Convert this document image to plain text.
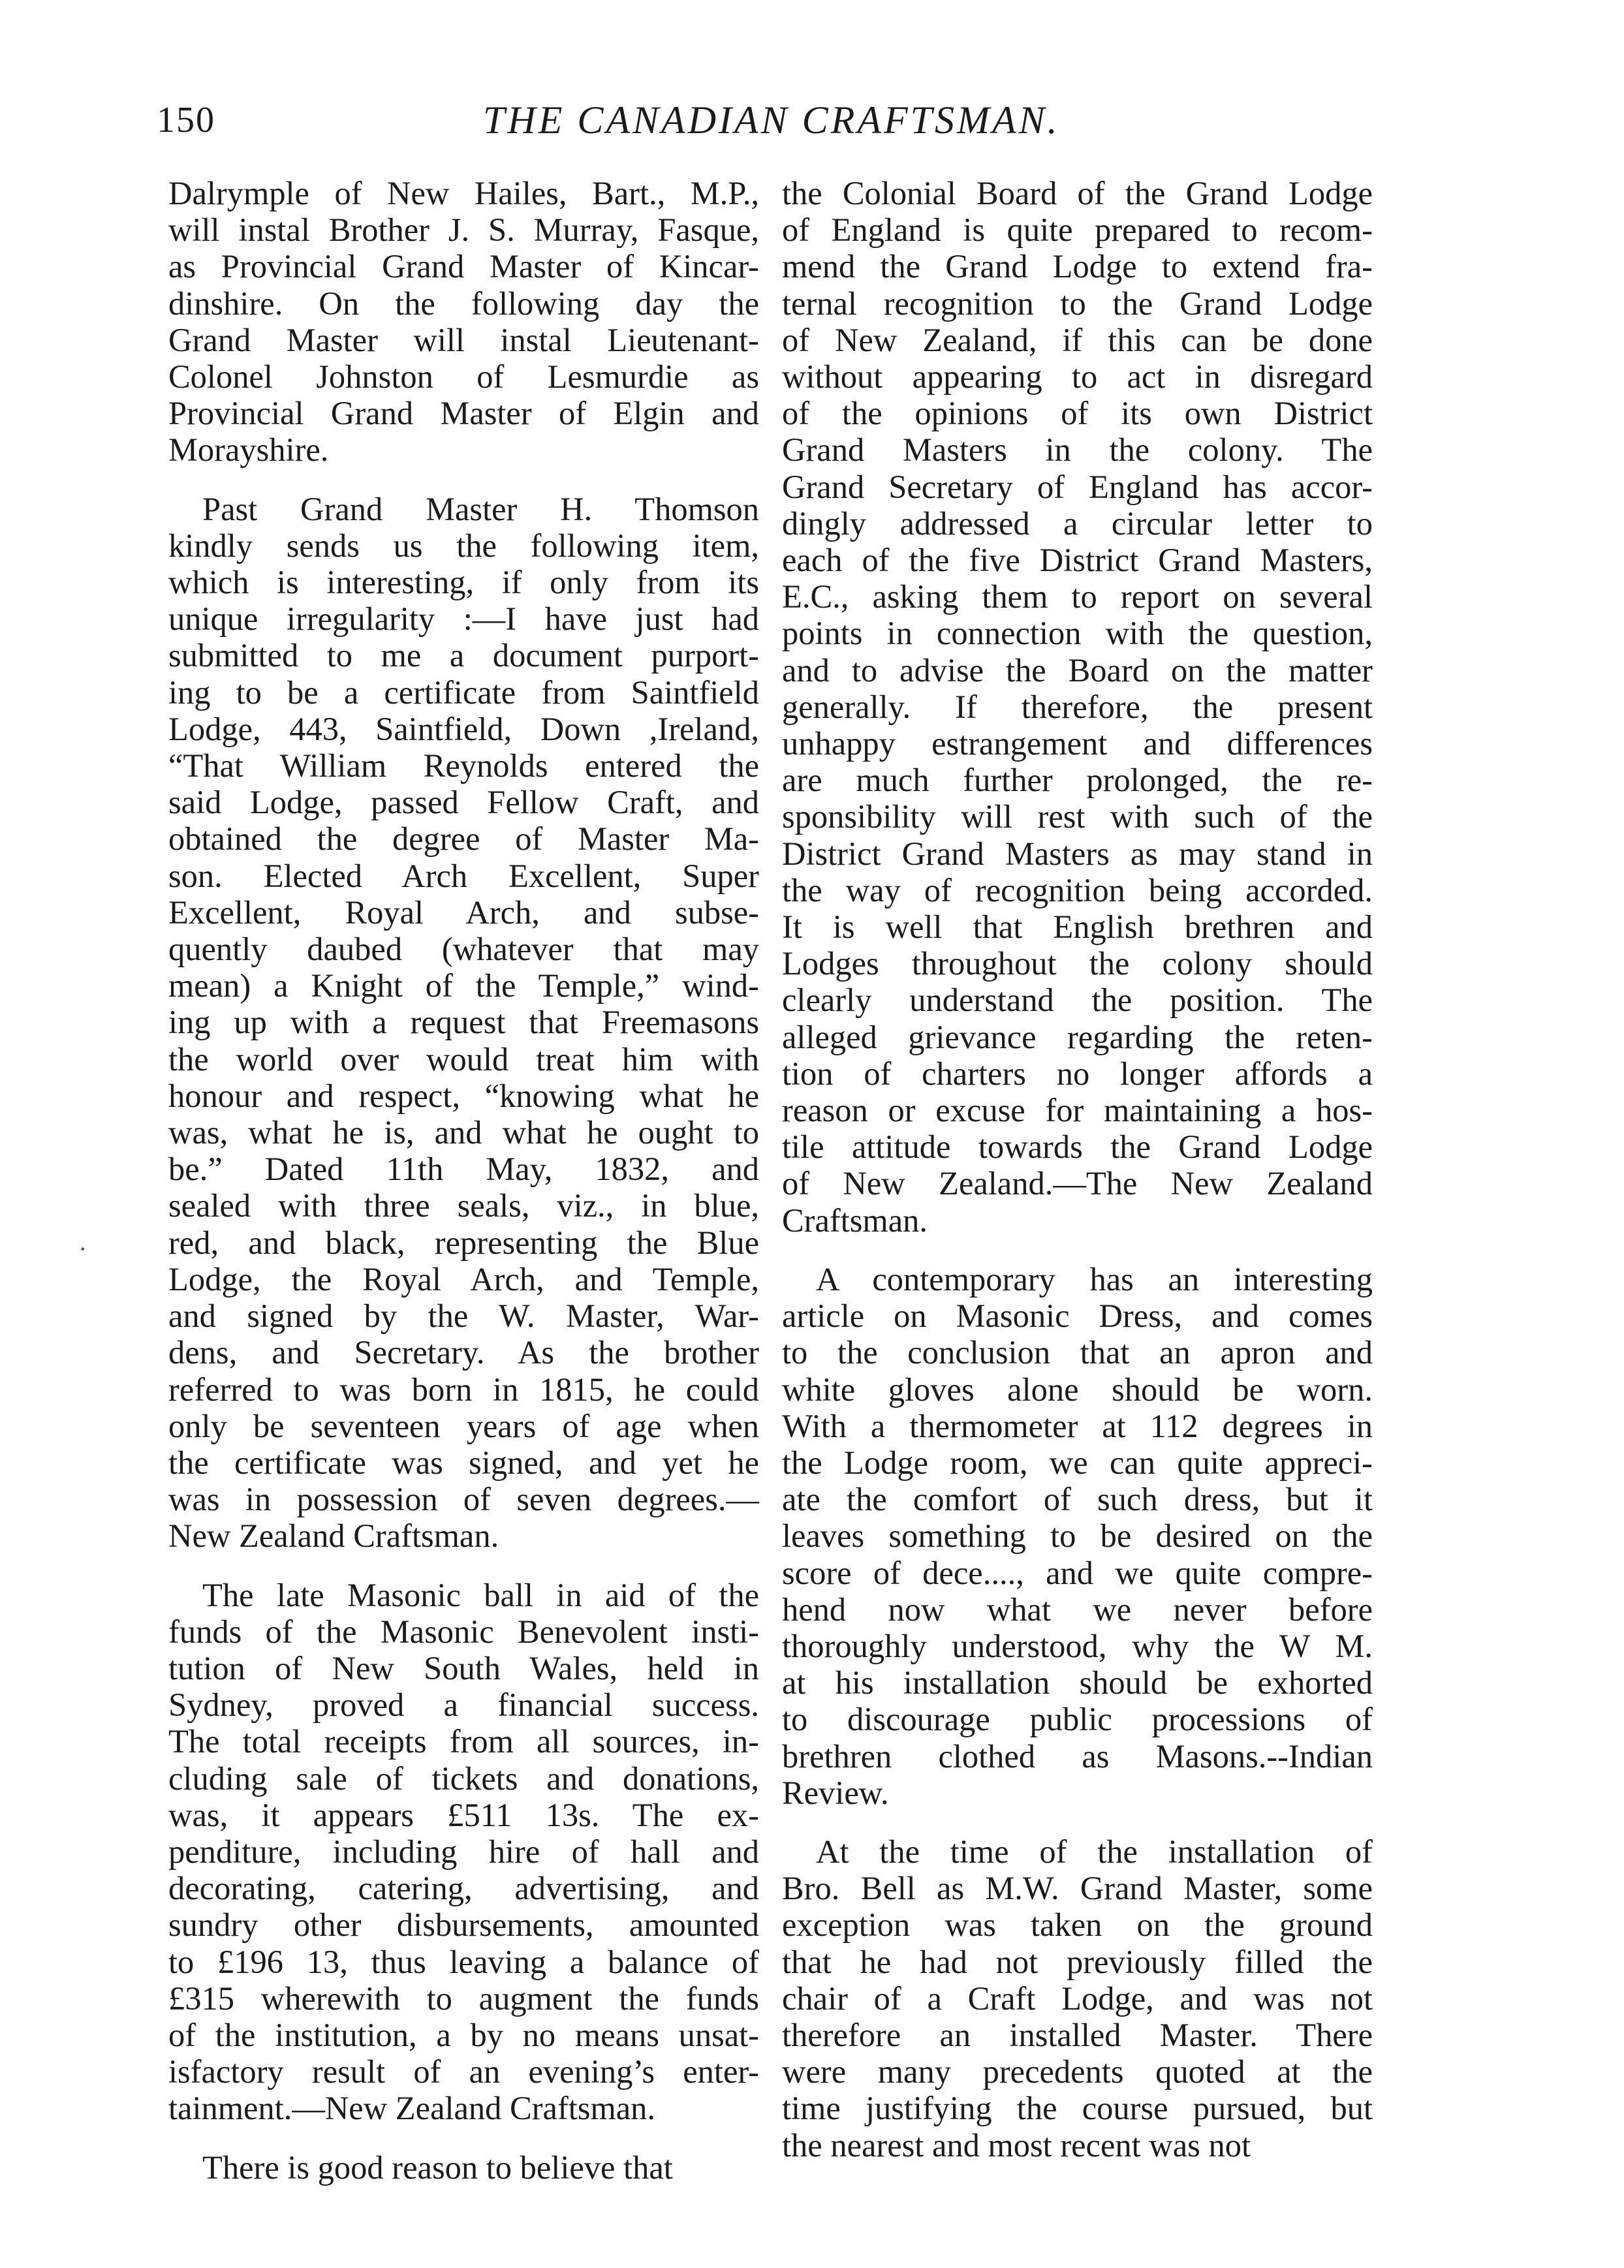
150	THE CANADIAN CRAFTSMAN.

Dalrymple of New Hailes, Bart., M.P.,
will instal Brother J. S. Murray, Fasque,
as Provincial Grand Master of Kincar-
dinshire. On the following day the
Grand Master will instal Lieutenant-
Colonel Johnston of Lesmurdie as
Provincial Grand Master of Elgin and
Morayshire.

Past Grand Master H. Thomson
kindly sends us the following item,
which is interesting, if only from its
unique irregularity :—I have just had
submitted to me a document purport-
ing to be a certificate from Saintfield
Lodge, 443, Saintfield, Down ,Ireland,
“That William Reynolds entered the
said Lodge, passed Fellow Craft, and
obtained the degree of Master Ma-
son. Elected Arch Excellent, Super
Excellent, Royal Arch, and subse-
quently daubed (whatever that may
mean) a Knight of the Temple,” wind-
ing up with a request that Freemasons
the world over would treat him with
honour and respect, “knowing what he
was, what he is, and what he ought to
be.” Dated 11th May, 1832, and
sealed with three seals, viz., in blue,
red, and black, representing the Blue
Lodge, the Royal Arch, and Temple,
and signed by the W. Master, War-
dens, and Secretary. As the brother
referred to was born in 1815, he could
only be seventeen years of age when
the certificate was signed, and yet he
was in possession of seven degrees.—
New Zealand Craftsman.

The late Masonic ball in aid of the
funds of the Masonic Benevolent insti-
tution of New South Wales, held in
Sydney, proved a financial success.
The total receipts from all sources, in-
cluding sale of tickets and donations,
was, it appears £511 13s. The ex-
penditure, including hire of hall and
decorating, catering, advertising, and
sundry other disbursements, amounted
to £196 13, thus leaving a balance of
£315 wherewith to augment the funds
of the institution, a by no means unsat-
isfactory result of an evening’s enter-
tainment.—New Zealand Craftsman.

There is good reason to believe that

the Colonial Board of the Grand Lodge
of England is quite prepared to recom-
mend the Grand Lodge to extend fra-
ternal recognition to the Grand Lodge
of New Zealand, if this can be done
without appearing to act in disregard
of the opinions of its own District
Grand Masters in the colony. The
Grand Secretary of England has accor-
dingly addressed a circular letter to
each of the five District Grand Masters,
E.C., asking them to report on several
points in connection with the question,
and to advise the Board on the matter
generally. If therefore, the present
unhappy estrangement and differences
are much further prolonged, the re-
sponsibility will rest with such of the
District Grand Masters as may stand in
the way of recognition being accorded.
It is well that English brethren and
Lodges throughout the colony should
clearly understand the position. The
alleged grievance regarding the reten-
tion of charters no longer affords a
reason or excuse for maintaining a hos-
tile attitude towards the Grand Lodge
of New Zealand.—The New Zealand
Craftsman.

A contemporary has an interesting
article on Masonic Dress, and comes
to the conclusion that an apron and
white gloves alone should be worn.
With a thermometer at 112 degrees in
the Lodge room, we can quite appreci-
ate the comfort of such dress, but it
leaves something to be desired on the
score of dece...., and we quite compre-
hend now what we never before
thoroughly understood, why the W M.
at his installation should be exhorted
to discourage public processions of
brethren clothed as Masons.--Indian
Review.

At the time of the installation of
Bro. Bell as M.W. Grand Master, some
exception was taken on the ground
that he had not previously filled the
chair of a Craft Lodge, and was not
therefore an installed Master. There
were many precedents quoted at the
time justifying the course pursued, but
the nearest and most recent was not

·
